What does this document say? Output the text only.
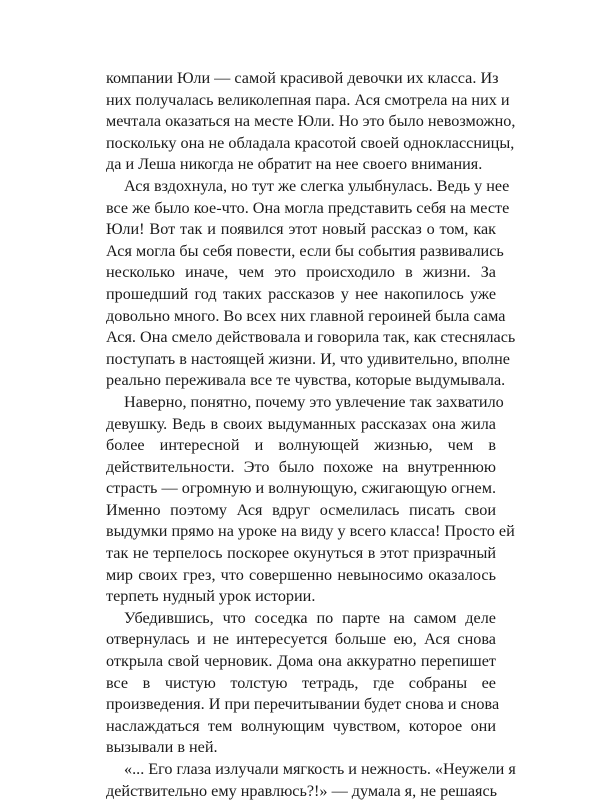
компании Юли — самой красивой девочки их класса. Из
них получалась великолепная пара. Ася смотрела на них и
мечтала оказаться на месте Юли. Но это было невозможно,
поскольку она не обладала красотой своей одноклассницы,
да и Леша никогда не обратит на нее своего внимания.
Ася вздохнула, но тут же слегка улыбнулась. Ведь у нее
все же было кое-что. Она могла представить себя на месте
Юли! Вот так и появился этот новый рассказ о том, как
Ася могла бы себя повести, если бы события развивались
несколько иначе, чем это происходило в жизни. За
прошедший год таких рассказов у нее накопилось уже
довольно много. Во всех них главной героиней была сама
Ася. Она смело действовала и говорила так, как стеснялась
поступать в настоящей жизни. И, что удивительно, вполне
реально переживала все те чувства, которые выдумывала.
Наверно, понятно, почему это увлечение так захватило
девушку. Ведь в своих выдуманных рассказах она жила
более интересной и волнующей жизнью, чем в
действительности. Это было похоже на внутреннюю
страсть — огромную и волнующую, сжигающую огнем.
Именно поэтому Ася вдруг осмелилась писать свои
выдумки прямо на уроке на виду у всего класса! Просто ей
так не терпелось поскорее окунуться в этот призрачный
мир своих грез, что совершенно невыносимо оказалось
терпеть нудный урок истории.
Убедившись, что соседка по парте на самом деле
отвернулась и не интересуется больше ею, Ася снова
открыла свой черновик. Дома она аккуратно перепишет
все в чистую толстую тетрадь, где собраны ее
произведения. И при перечитывании будет снова и снова
наслаждаться тем волнующим чувством, которое они
вызывали в ней.
«... Его глаза излучали мягкость и нежность. «Неужели я
действительно ему нравлюсь?!» — думала я, не решаясь
